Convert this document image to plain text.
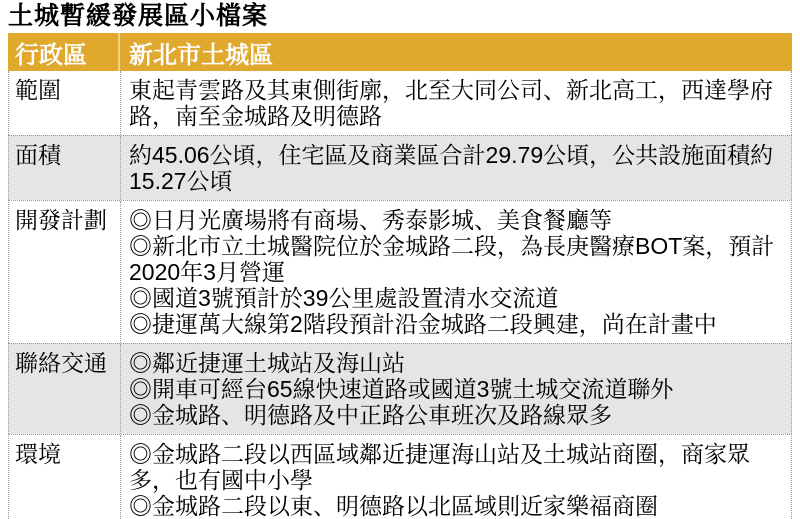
土城暫緩發展區小檔案
行政區	新北市土城區
範圍	東起青雲路及其東側街廓，北至大同公司、新北高工，西達學府路，南至金城路及明德路
面積	約45.06公頃，住宅區及商業區合計29.79公頃，公共設施面積約15.27公頃
開發計劃 ◎日月光廣場將有商場、秀泰影城、美食餐廳等
◎新北市立土城醫院位於金城路二段，為長庚醫療BOT案，預計2020年3月營運
◎國道3號預計於39公里處設置清水交流道
◎捷運萬大線第2階段預計沿金城路二段興建，尚在計畫中
聯絡交通 ◎鄰近捷運土城站及海山站
◎開車可經台65線快速道路或國道3號土城交流道聯外
◎金城路、明德路及中正路公車班次及路線眾多
環境	◎金城路二段以西區域鄰近捷運海山站及土城站商圈，商家眾多，也有國中小學
◎金城路二段以東、明德路以北區域則近家樂福商圈
